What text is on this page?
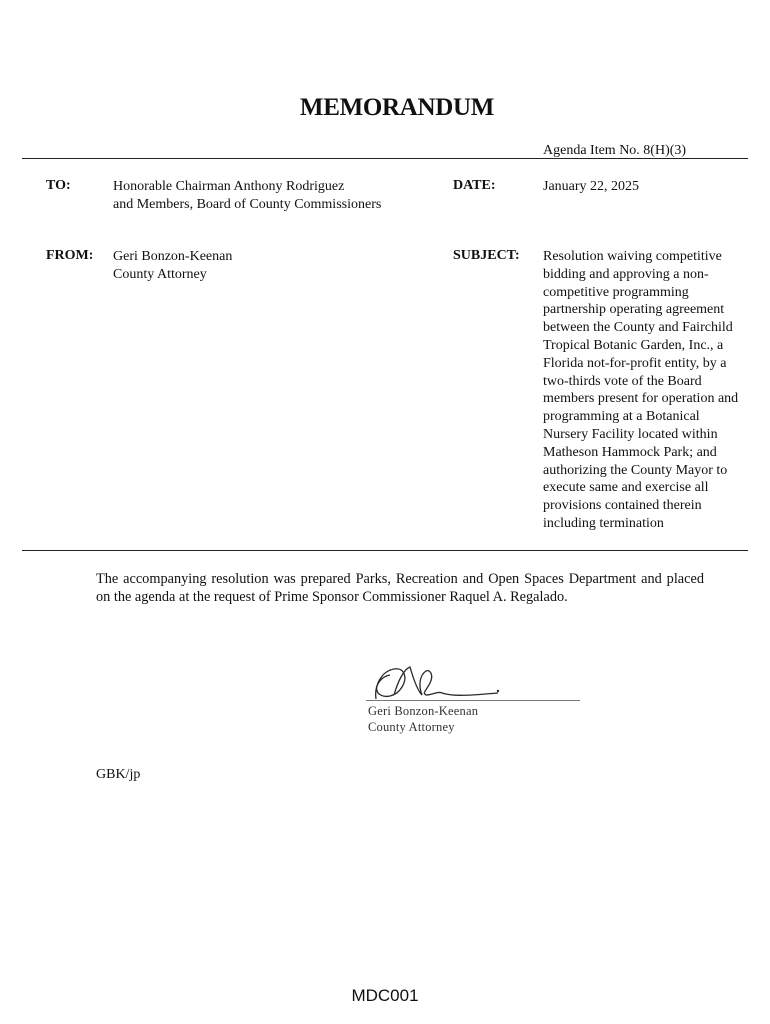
MEMORANDUM
Agenda Item No. 8(H)(3)
TO:	Honorable Chairman Anthony Rodriguez
and Members, Board of County Commissioners
DATE:	January 22, 2025
FROM: Geri Bonzon-Keenan
County Attorney
SUBJECT: Resolution waiving competitive
bidding and approving a non-
competitive programming
partnership operating agreement
between the County and Fairchild
Tropical Botanic Garden, Inc., a
Florida not-for-profit entity, by a
two-thirds vote of the Board
members present for operation and
programming at a Botanical
Nursery Facility located within
Matheson Hammock Park; and
authorizing the County Mayor to
execute same and exercise all
provisions contained therein
including termination
The accompanying resolution was prepared Parks, Recreation and Open Spaces Department and placed on the agenda at the request of Prime Sponsor Commissioner Raquel A. Regalado.
Geri Bonzon-Keenan
County Attorney
GBK/jp
MDC001
